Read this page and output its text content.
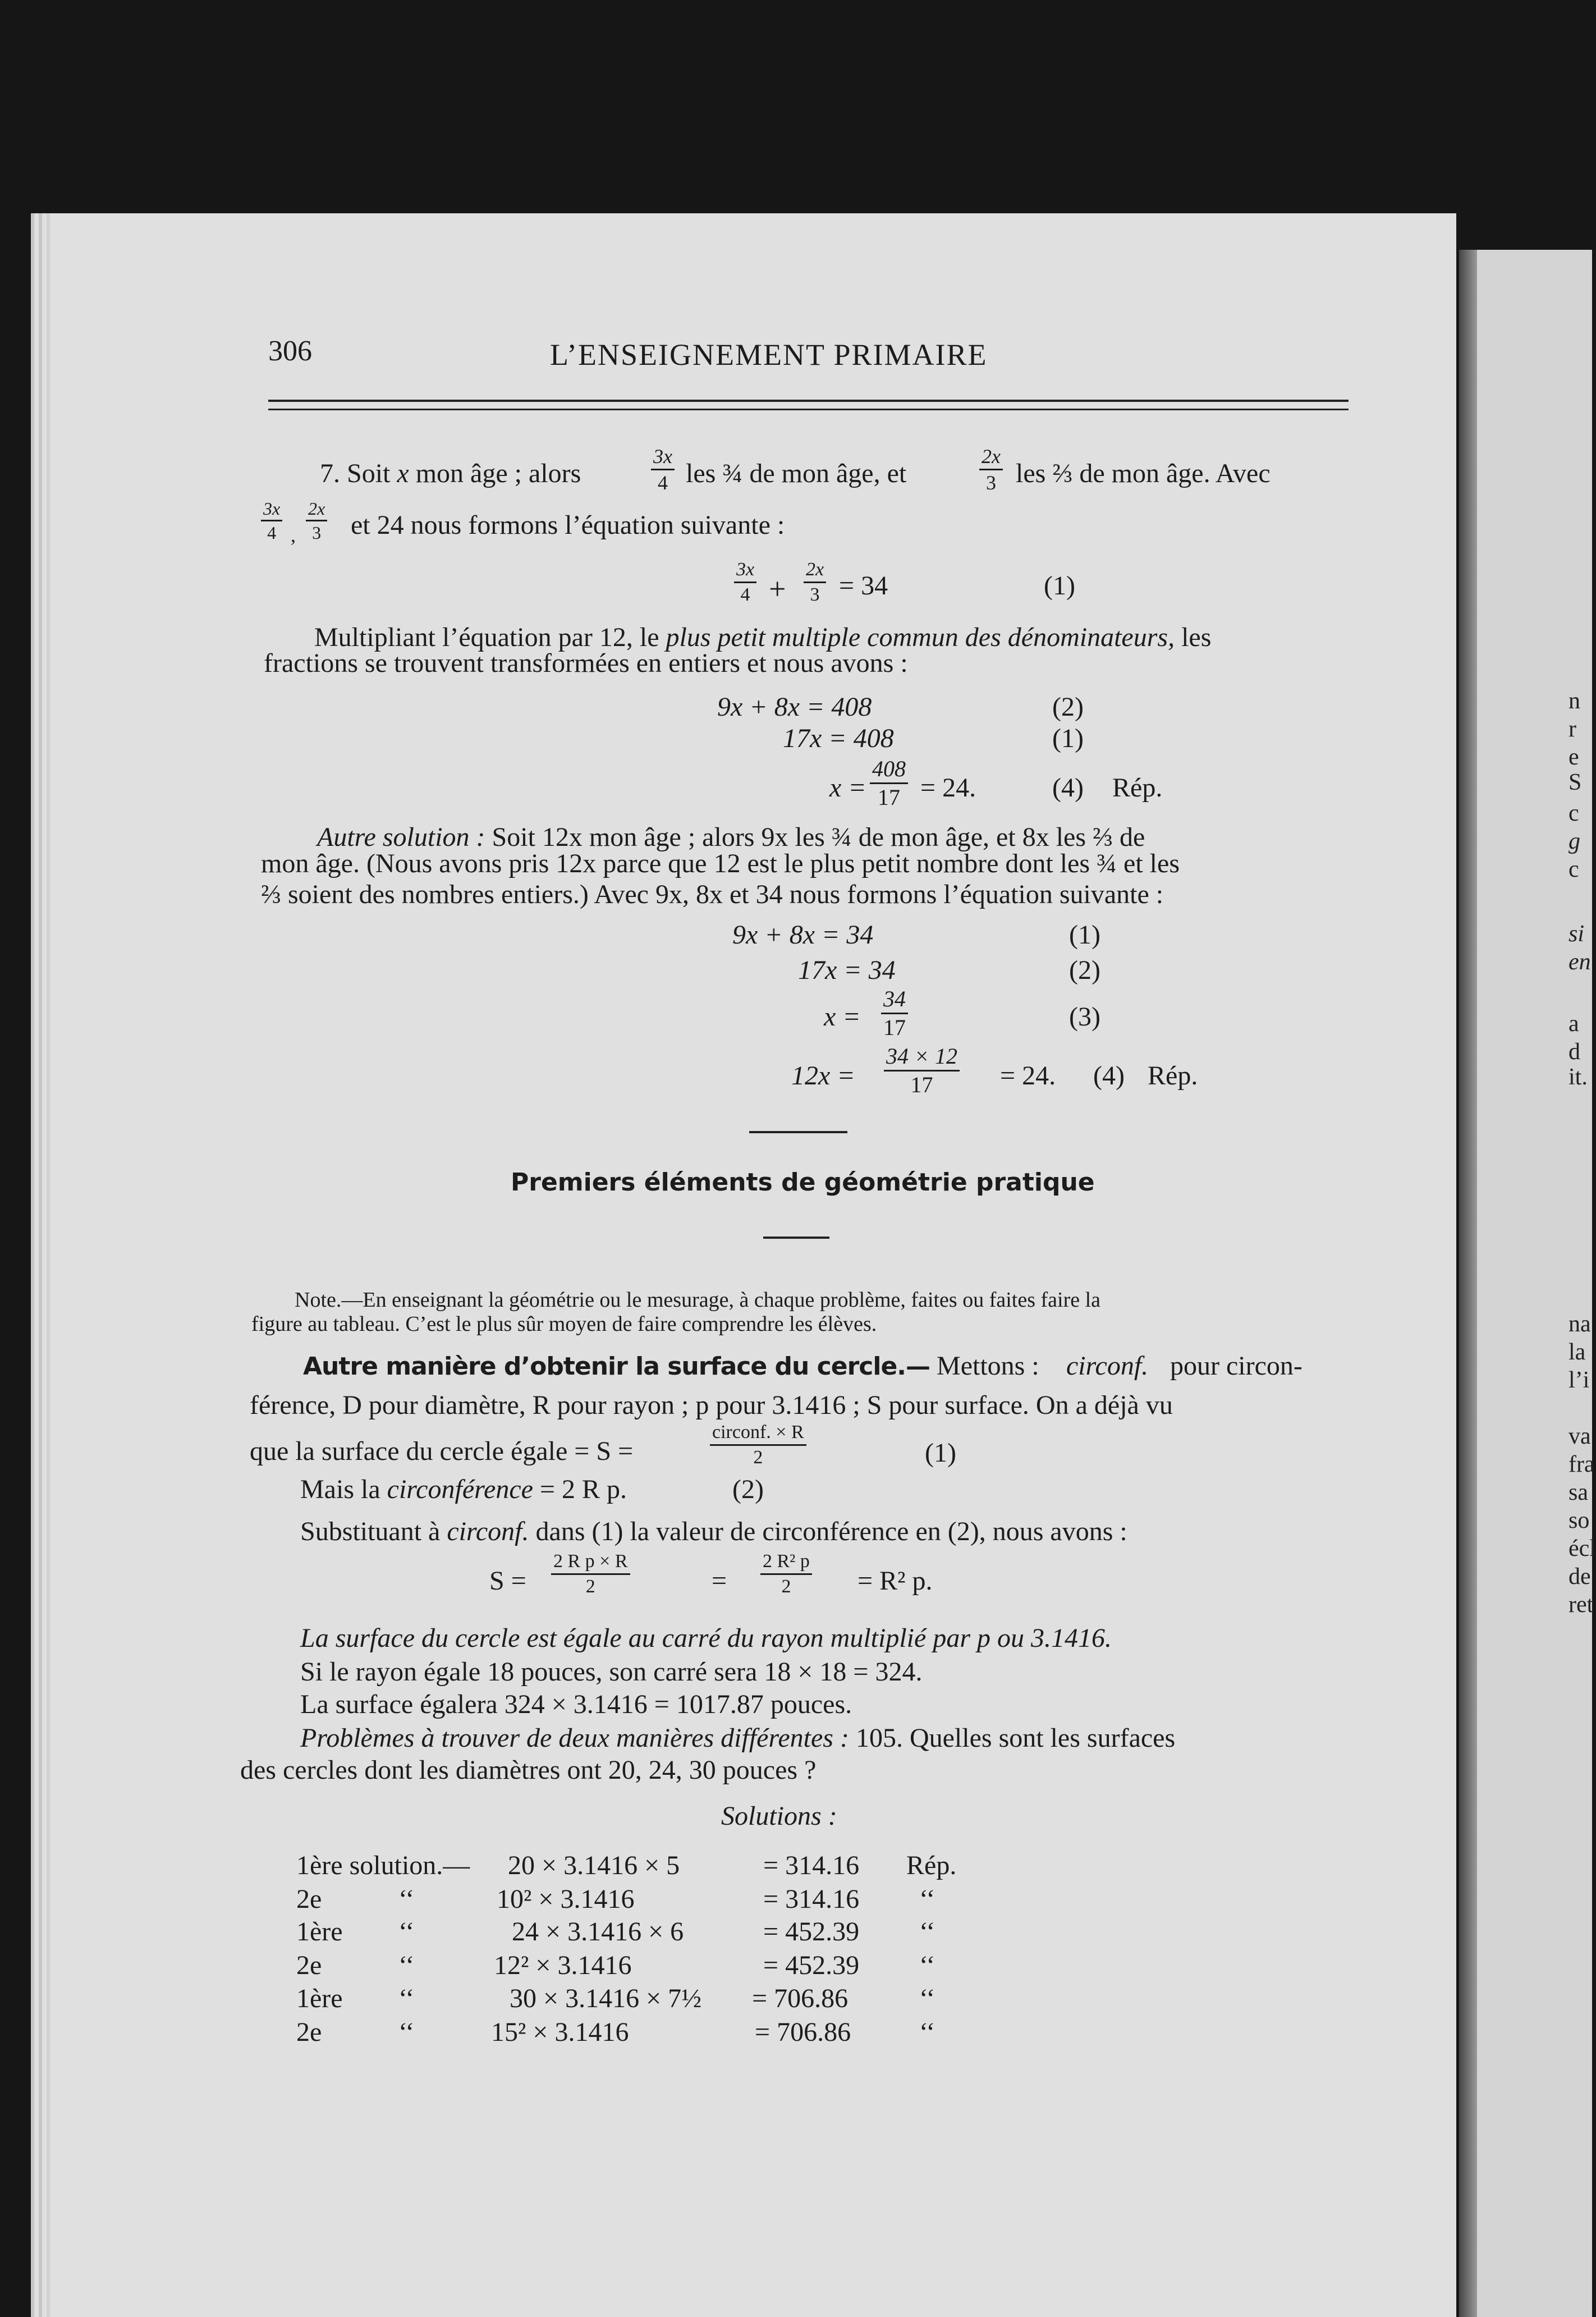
n
r
e
S
c
g
c
si
en
a
d
it.
na
la
l’i
va
fra
sa
so
écl
de
ret
306	L’ENSEIGNEMENT PRIMAIRE
7. Soit x mon âge ; alors	$\frac{3x}{4}$ les ¾ de mon âge, et	$\frac{2x}{3}$ les ⅔ de mon âge. Avec
$\frac{3x}{4}$ , $\frac{2x}{3}$ et 24 nous formons l’équation suivante :
$\frac{3x}{4} + \frac{2x}{3} = 34$	(1)
Multipliant l’équation par 12, le plus petit multiple commun des dénominateurs, les
fractions se trouvent transformées en entiers et nous avons :
9x + 8x = 408	(2)
17x = 408	(1)
$x = \frac{408}{17} = 24$.	(4) Rép.
Autre solution : Soit 12x mon âge ; alors 9x les ¾ de mon âge, et 8x les ⅔ de
mon âge. (Nous avons pris 12x parce que 12 est le plus petit nombre dont les ¾ et les
⅔ soient des nombres entiers.) Avec 9x, 8x et 34 nous formons l’équation suivante :
9x + 8x = 34	(1)
17x = 34	(2)
$x = \frac{34}{17}$	(3)
$12x = \frac{34 \times 12}{17} = 24$. (4) Rép.
Premiers éléments de géométrie pratique
Note.—En enseignant la géométrie ou le mesurage, à chaque problème, faites ou faites faire la
figure au tableau. C’est le plus sûr moyen de faire comprendre les élèves.
Autre manière d’obtenir la surface du cercle.— Mettons : circonf. pour circon-
férence, D pour diamètre, R pour rayon ; p pour 3.1416 ; S pour surface. On a déjà vu
que la surface du cercle égale = S =
circonf. × R
2	(1)
Mais la circonférence = 2 R p.	(2)
Substituant à circonf. dans (1) la valeur de circonférence en (2), nous avons :
$S = \frac{\text{2 R p × R}}{2}$	= $\frac{\text{2 R² p}}{2} = R^2$ p.
La surface du cercle est égale au carré du rayon multiplié par p ou 3.1416.
Si le rayon égale 18 pouces, son carré sera 18 × 18 = 324.
La surface égalera 324 × 3.1416 = 1017.87 pouces.
Problèmes à trouver de deux manières différentes : 105. Quelles sont les surfaces
des cercles dont les diamètres ont 20, 24, 30 pouces ?
Solutions :
1ère solution.— 20 × 3.1416 × 5	= 314.16 Rép.
2e	‘‘	10² × 3.1416	= 314.16 ‘‘
1ère ‘‘	24 × 3.1416 × 6	= 452.39 ‘‘
2e	‘‘	12² × 3.1416	= 452.39 ‘‘
1ère ‘‘	30 × 3.1416 × 7½ = 706.86	‘‘
2e	‘‘	15² × 3.1416	= 706.86	‘‘
